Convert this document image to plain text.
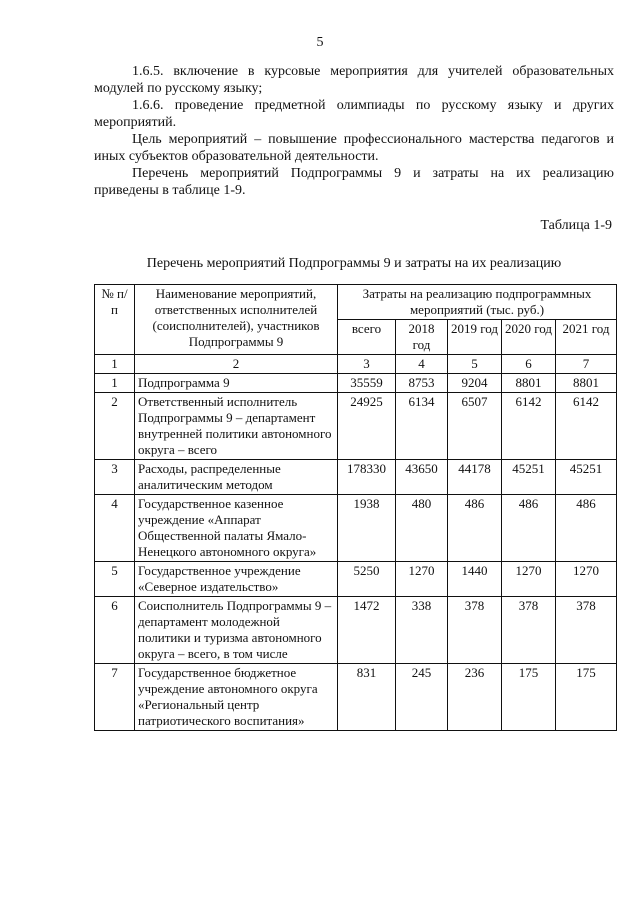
5

1.6.5. включение в курсовые мероприятия для учителей образовательных модулей по русскому языку;

1.6.6. проведение предметной олимпиады по русскому языку и других мероприятий.

Цель мероприятий – повышение профессионального мастерства педагогов и иных субъектов образовательной деятельности.

Перечень мероприятий Подпрограммы 9 и затраты на их реализацию приведены в таблице 1-9.

Таблица 1-9
Перечень мероприятий Подпрограммы 9 и затраты на их реализацию
№ п/п	Наименование мероприятий, ответственных исполнителей (соисполнителей), участников Подпрограммы 9	Затраты на реализацию подпрограммных мероприятий (тыс. руб.)				
		всего	2018 год	2019 год	2020 год	2021 год
1	2	3	4	5	6	7
1	Подпрограмма 9	35559	8753	9204	8801	8801
2	Ответственный исполнитель Подпрограммы 9 – департамент внутренней политики автономного округа – всего	24925	6134	6507	6142	6142
3	Расходы, распределенные аналитическим методом	178330	43650	44178	45251	45251
4	Государственное казенное учреждение «Аппарат Общественной палаты Ямало-Ненецкого автономного округа»	1938	480	486	486	486
5	Государственное учреждение «Северное издательство»	5250	1270	1440	1270	1270
6	Соисполнитель Подпрограммы 9 – департамент молодежной политики и туризма автономного округа – всего, в том числе	1472	338	378	378	378
7	Государственное бюджетное учреждение автономного округа «Региональный центр патриотического воспитания»	831	245	236	175	175
